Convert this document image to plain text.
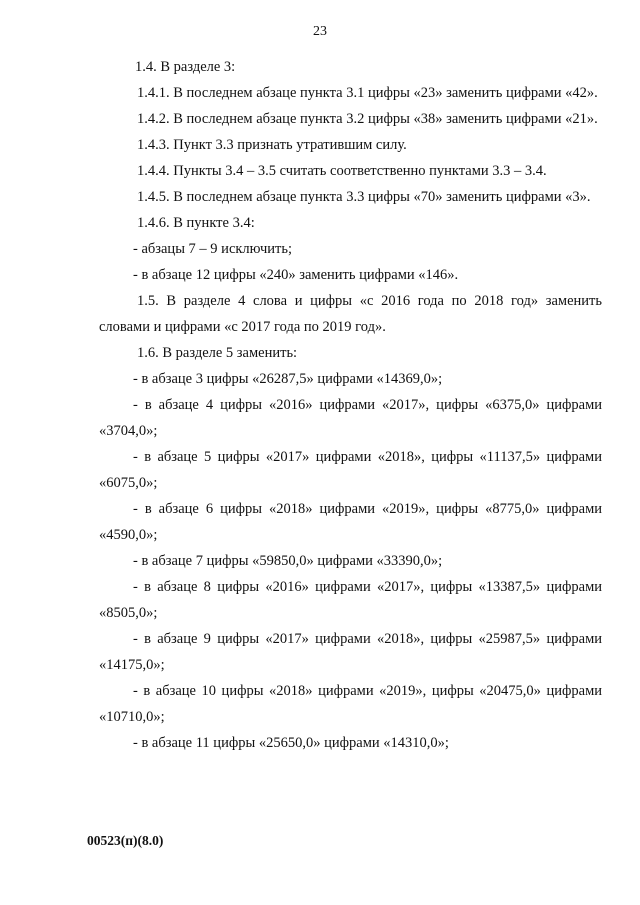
23

1.4. В разделе 3:

1.4.1. В последнем абзаце пункта 3.1 цифры «23» заменить цифрами «42».

1.4.2. В последнем абзаце пункта 3.2 цифры «38» заменить цифрами «21».

1.4.3. Пункт 3.3 признать утратившим силу.

1.4.4. Пункты 3.4 – 3.5 считать соответственно пунктами 3.3 – 3.4.

1.4.5. В последнем абзаце пункта 3.3 цифры «70» заменить цифрами «3».

1.4.6. В пункте 3.4:

- абзацы 7 – 9 исключить;

- в абзаце 12 цифры «240» заменить цифрами «146».

1.5. В разделе 4 слова и цифры «с 2016 года по 2018 год» заменить словами и цифрами «с 2017 года по 2019 год».

1.6. В разделе 5 заменить:

- в абзаце 3 цифры «26287,5» цифрами «14369,0»;

- в абзаце 4 цифры «2016» цифрами «2017», цифры «6375,0» цифрами «3704,0»;

- в абзаце 5 цифры «2017» цифрами «2018», цифры «11137,5» цифрами «6075,0»;

- в абзаце 6 цифры «2018» цифрами «2019», цифры «8775,0» цифрами «4590,0»;

- в абзаце 7 цифры «59850,0» цифрами «33390,0»;

- в абзаце 8 цифры «2016» цифрами «2017», цифры «13387,5» цифрами «8505,0»;

- в абзаце 9 цифры «2017» цифрами «2018», цифры «25987,5» цифрами «14175,0»;

- в абзаце 10 цифры «2018» цифрами «2019», цифры «20475,0» цифрами «10710,0»;

- в абзаце 11 цифры «25650,0» цифрами «14310,0»;

00523(п)(8.0)
